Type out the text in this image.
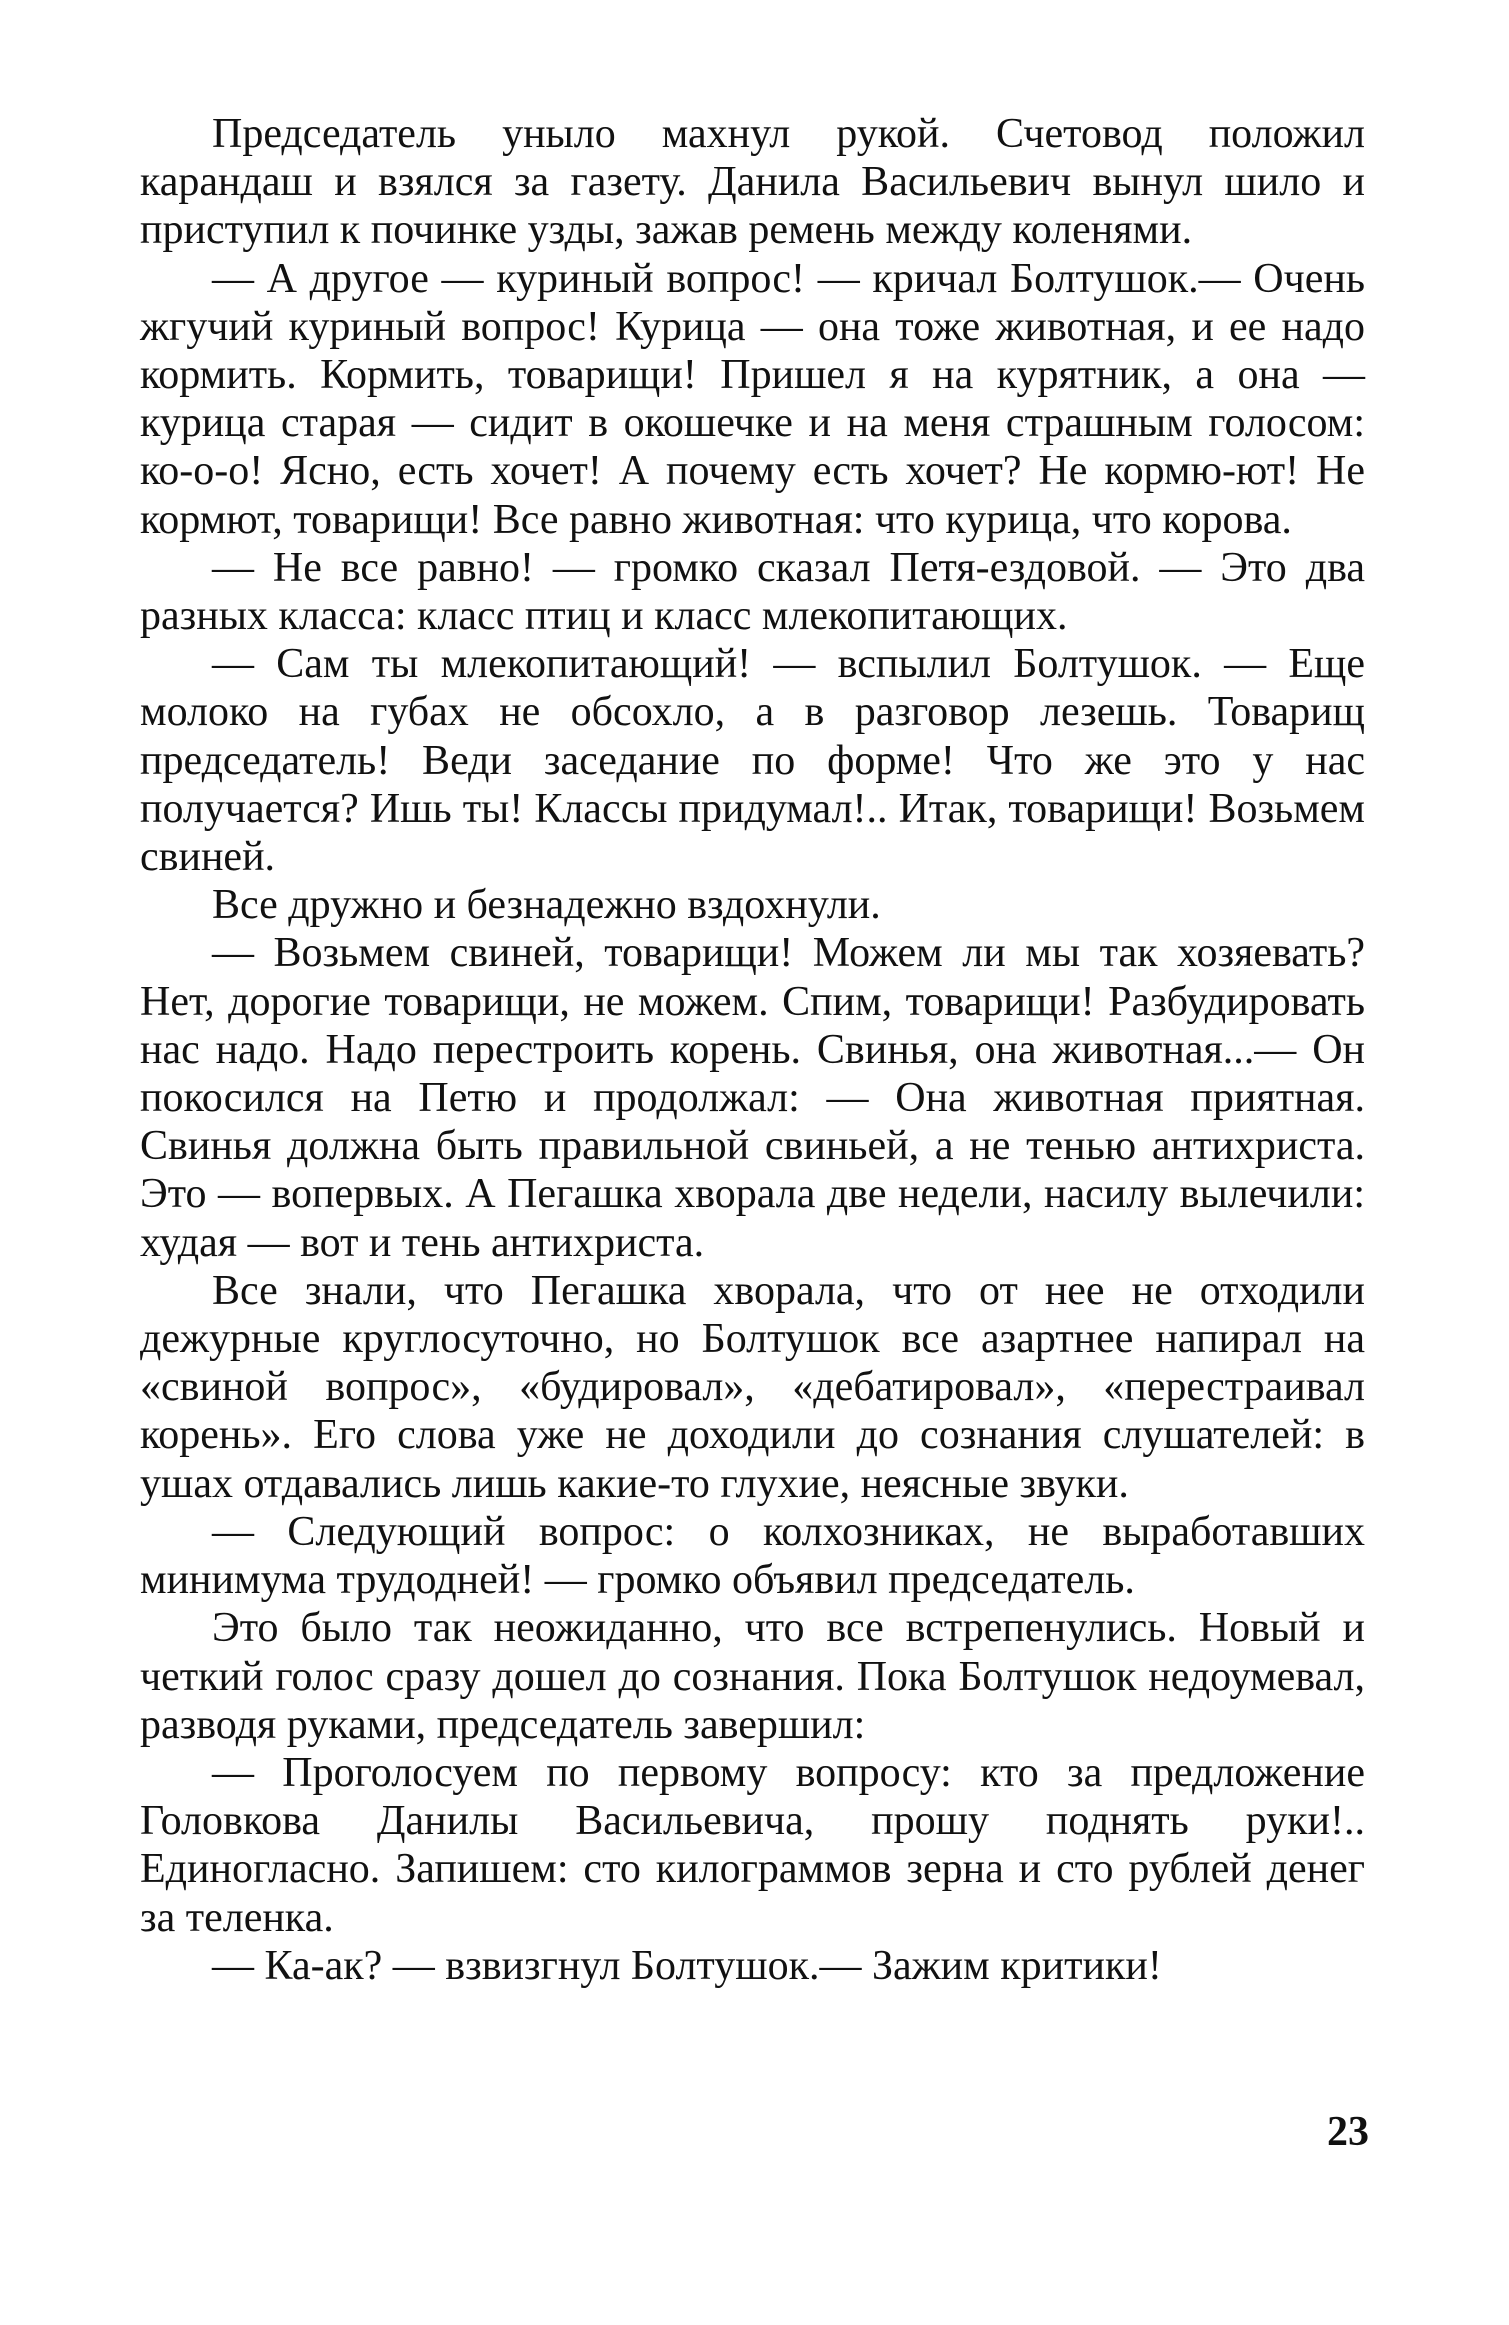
Председатель уныло махнул рукой. Счетовод положил карандаш и взялся за газету. Данила Васильевич вынул шило и приступил к починке узды, зажав ремень между коленями.

— А другое — куриный вопрос! — кричал Болтушок.— Очень жгучий куриный вопрос! Курица — она тоже животная, и ее надо кормить. Кормить, товарищи! Пришел я на курятник, а она — курица старая — сидит в окошечке и на меня страшным голосом: ко-о-о! Ясно, есть хочет! А почему есть хочет? Не кормю-ют! Не кормют, товарищи! Все равно животная: что курица, что корова.

— Не все равно! — громко сказал Петя-ездовой. — Это два разных класса: класс птиц и класс млекопитающих.

— Сам ты млекопитающий! — вспылил Болтушок. — Еще молоко на губах не обсохло, а в разговор лезешь. Товарищ председатель! Веди заседание по форме! Что же это у нас получается? Ишь ты! Классы придумал!.. Итак, товарищи! Возьмем свиней.

Все дружно и безнадежно вздохнули.

— Возьмем свиней, товарищи! Можем ли мы так хозяевать? Нет, дорогие товарищи, не можем. Спим, товарищи! Разбудировать нас надо. Надо перестроить корень. Свинья, она животная...— Он покосился на Петю и продолжал: — Она животная приятная. Свинья должна быть правильной свиньей, а не тенью антихриста. Это — вопервых. А Пегашка хворала две недели, насилу вылечили: худая — вот и тень антихриста.

Все знали, что Пегашка хворала, что от нее не отходили дежурные круглосуточно, но Болтушок все азартнее напирал на «свиной вопрос», «будировал», «дебатировал», «перестраивал корень». Его слова уже не доходили до сознания слушателей: в ушах отдавались лишь какие-то глухие, неясные звуки.

— Следующий вопрос: о колхозниках, не выработавших минимума трудодней! — громко объявил председатель.

Это было так неожиданно, что все встрепенулись. Новый и четкий голос сразу дошел до сознания. Пока Болтушок недоумевал, разводя руками, председатель завершил:

— Проголосуем по первому вопросу: кто за предложение Головкова Данилы Васильевича, прошу поднять руки!.. Единогласно. Запишем: сто килограммов зерна и сто рублей денег за теленка.

— Ка-ак? — взвизгнул Болтушок.— Зажим критики!

23
